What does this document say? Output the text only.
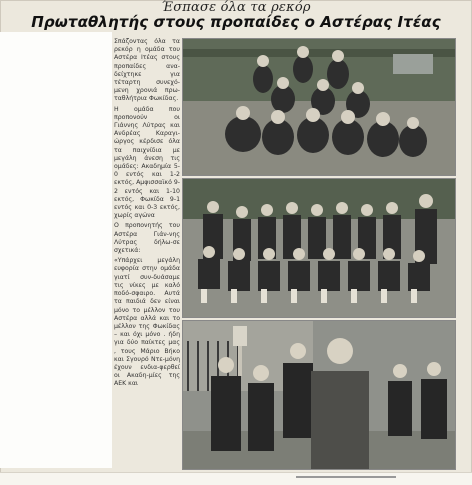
Έσπασε όλα τα ρεκόρ
Πρωταθλητής στους προπαίδες ο Αστέρας Ιτέας

Σπάζοντας όλα τα ρεκόρ η ομάδα του Αστέρα Ιτέας στους προπαίδες ανα-δείχτηκε για τέταρτη συνεχό-μενη χρονιά πρω-ταθλήτρια Φωκίδας.

Η ομάδα που προπονούν οι Γιάννης Λύτρας και Ανδρέας Καραγι-ώργος κέρδισε όλα τα παιχνίδια με μεγάλη άνεση τις ομάδες: Ακαδημία 5-0 εντός και 1-2 εκτός, Αμφισσαϊκό 9-2 εντός και 1-10 εκτός, Φωκίδα 9-1 εντός και 0-3 εκτός, χωρίς αγώνα

Ο προπονητής του Αστέρα Γιάν-νης Λύτρας δήλω-σε σχετικά:

«Υπάρχει μεγάλη ευφορία στην ομάδα γιατί συν-δυάσαμε τις νίκες με καλό ποδό-σφαιρο. Αυτά τα παιδιά δεν είναι μόνο το μέλλον του Αστέρα αλλά και το μέλλον της Φωκίδας – και όχι μόνο . ήδη για δύο παίκτες μας , τους Μάριο Βήκο και Σγουρό Ντε-μόνη έχουν ενδια-φερθεί οι Ακαδη-μίες της ΑΕΚ και
